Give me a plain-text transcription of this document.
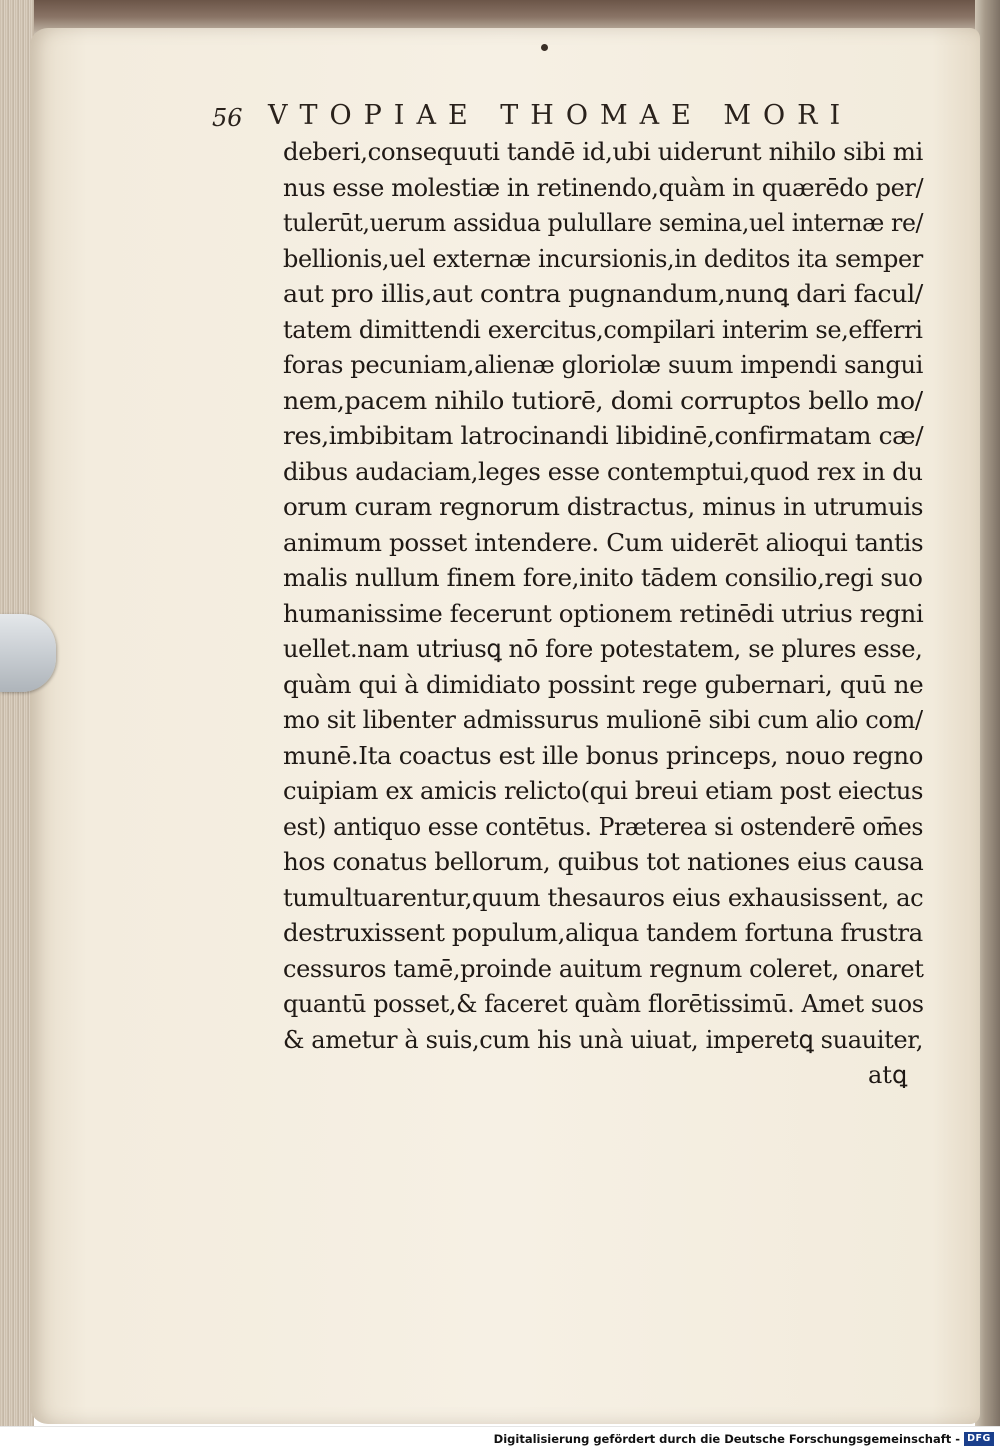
56 VTOPIAE THOMAE MORI
deberi,consequuti tandē id,ubi uiderunt nihilo sibi mi
nus esse molestiæ in retinendo,quàm in quærēdo per/
tulerūt,uerum assidua pulullare semina,uel internæ re/
bellionis,uel externæ incursionis,in deditos ita semper
aut pro illis,aut contra pugnandum,nunꝗ dari facul/
tatem dimittendi exercitus,compilari interim se,efferri
foras pecuniam,alienæ gloriolæ suum impendi sangui
nem,pacem nihilo tutiorē, domi corruptos bello mo/
res,imbibitam latrocinandi libidinē,confirmatam cæ/
dibus audaciam,leges esse contemptui,quod rex in du
orum curam regnorum distractus, minus in utrumuis
animum posset intendere. Cum uiderēt alioqui tantis
malis nullum finem fore,inito tādem consilio,regi suo
humanissime fecerunt optionem retinēdi utrius regni
uellet.nam utriusꝗ nō fore potestatem, se plures esse,
quàm qui à dimidiato possint rege gubernari, quū ne
mo sit libenter admissurus mulionē sibi cum alio com/
munē.Ita coactus est ille bonus princeps, nouo regno
cuipiam ex amicis relicto(qui breui etiam post eiectus
est) antiquo esse contētus. Præterea si ostenderē om̄es
hos conatus bellorum, quibus tot nationes eius causa
tumultuarentur,quum thesauros eius exhausissent, ac
destruxissent populum,aliqua tandem fortuna frustra
cessuros tamē,proinde auitum regnum coleret, onaret
quantū posset,& faceret quàm florētissimū. Amet suos
& ametur à suis,cum his unà uiuat, imperetꝗ suauiter,
atꝗ
Digitalisierung gefördert durch die Deutsche Forschungsgemeinschaft - DFG
